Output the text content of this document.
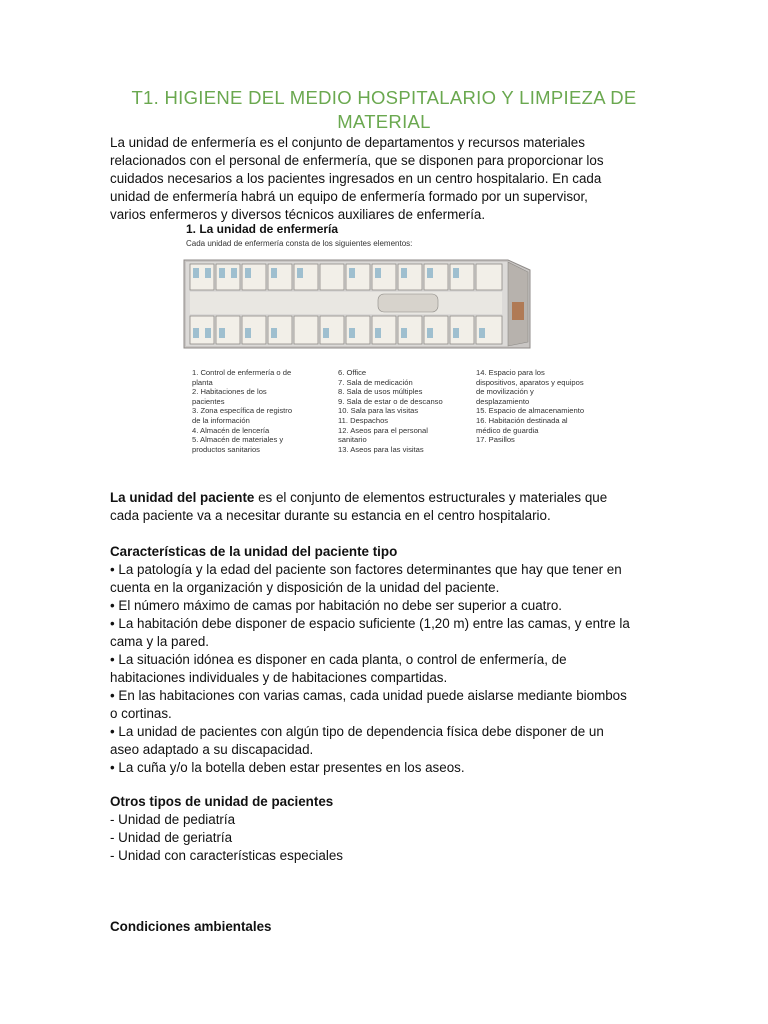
T1. HIGIENE DEL MEDIO HOSPITALARIO Y LIMPIEZA DE
MATERIAL

La unidad de enfermería es el conjunto de departamentos y recursos materiales

relacionados con el personal de enfermería, que se disponen para proporcionar los

cuidados necesarios a los pacientes ingresados en un centro hospitalario. En cada

unidad de enfermería habrá un equipo de enfermería formado por un supervisor,

varios enfermeros y diversos técnicos auxiliares de enfermería.

1. La unidad de enfermería
Cada unidad de enfermería consta de los siguientes elementos:
1. Control de enfermería o de
planta
2. Habitaciones de los
pacientes
3. Zona específica de registro
de la información
4. Almacén de lencería
5. Almacén de materiales y
productos sanitarios
6. Office
7. Sala de medicación
8. Sala de usos múltiples
9. Sala de estar o de descanso
10. Sala para las visitas
11. Despachos
12. Aseos para el personal
sanitario
13. Aseos para las visitas
14. Espacio para los
dispositivos, aparatos y equipos
de movilización y
desplazamiento
15. Espacio de almacenamiento
16. Habitación destinada al
médico de guardia
17. Pasillos

La unidad del paciente es el conjunto de elementos estructurales y materiales que

cada paciente va a necesitar durante su estancia en el centro hospitalario.

Características de la unidad del paciente tipo

• La patología y la edad del paciente son factores determinantes que hay que tener en

cuenta en la organización y disposición de la unidad del paciente.

• El número máximo de camas por habitación no debe ser superior a cuatro.

• La habitación debe disponer de espacio suficiente (1,20 m) entre las camas, y entre la

cama y la pared.

• La situación idónea es disponer en cada planta, o control de enfermería, de

habitaciones individuales y de habitaciones compartidas.

• En las habitaciones con varias camas, cada unidad puede aislarse mediante biombos

o cortinas.

• La unidad de pacientes con algún tipo de dependencia física debe disponer de un

aseo adaptado a su discapacidad.

• La cuña y/o la botella deben estar presentes en los aseos.

Otros tipos de unidad de pacientes

- Unidad de pediatría

- Unidad de geriatría

- Unidad con características especiales

Condiciones ambientales
